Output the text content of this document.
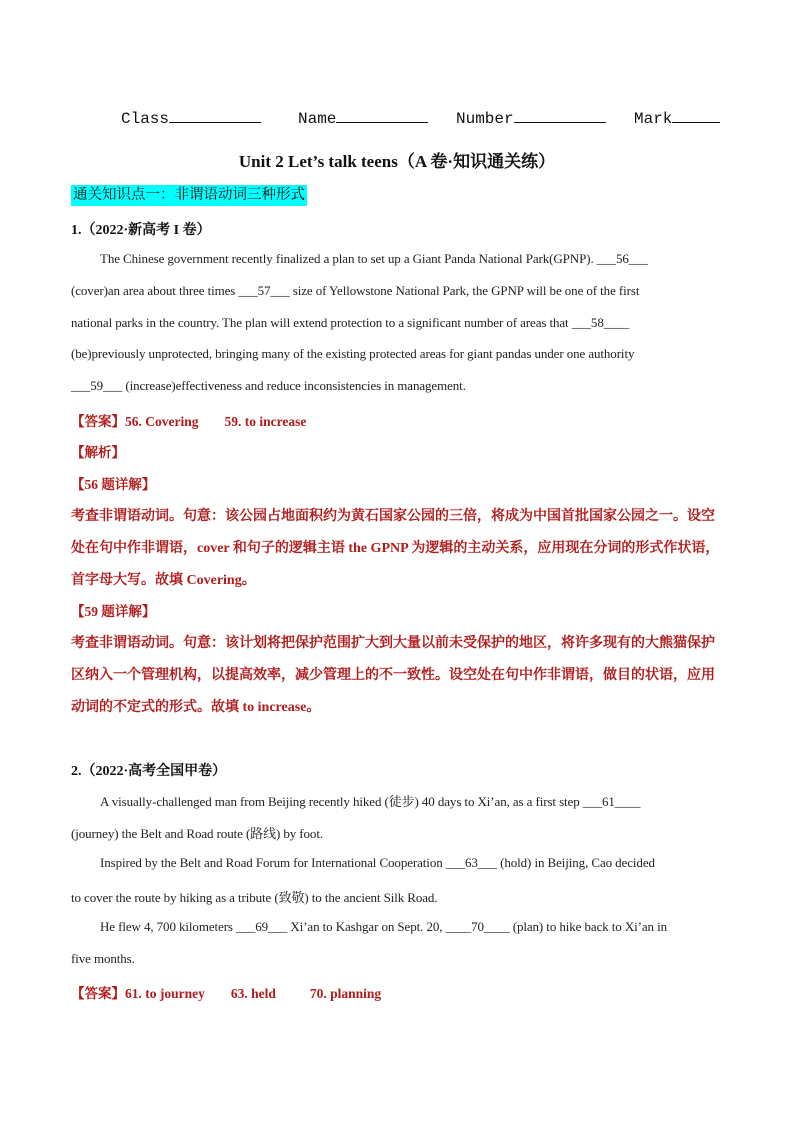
Class	Name	Number	Mark
Unit 2 Let’s talk teens（A 卷·知识通关练）
通关知识点一：非谓语动词三种形式
1.（2022·新高考 I 卷）
The Chinese government recently finalized a plan to set up a Giant Panda National Park(GPNP). ___56___
(cover)an area about three times ___57___ size of Yellowstone National Park, the GPNP will be one of the first
national parks in the country. The plan will extend protection to a significant number of areas that ___58____
(be)previously unprotected, bringing many of the existing protected areas for giant pandas under one authority
___59___ (increase)effectiveness and reduce inconsistencies in management.
【答案】56. Covering 59. to increase
【解析】
【56 题详解】
考查非谓语动词。句意：该公园占地面积约为黄石国家公园的三倍，将成为中国首批国家公园之一。设空
处在句中作非谓语，cover 和句子的逻辑主语 the GPNP 为逻辑的主动关系，应用现在分词的形式作状语，
首字母大写。故填 Covering。
【59 题详解】
考查非谓语动词。句意：该计划将把保护范围扩大到大量以前未受保护的地区，将许多现有的大熊猫保护
区纳入一个管理机构，以提高效率，减少管理上的不一致性。设空处在句中作非谓语，做目的状语，应用
动词的不定式的形式。故填 to increase。
2.（2022·高考全国甲卷）
A visually-challenged man from Beijing recently hiked (徒步) 40 days to Xi’an, as a first step ___61____
(journey) the Belt and Road route (路线) by foot.
Inspired by the Belt and Road Forum for International Cooperation ___63___ (hold) in Beijing, Cao decided
to cover the route by hiking as a tribute (致敬) to the ancient Silk Road.
He flew 4, 700 kilometers ___69___ Xi’an to Kashgar on Sept. 20, ____70____ (plan) to hike back to Xi’an in
five months.
【答案】61. to journey 63. held	70. planning
